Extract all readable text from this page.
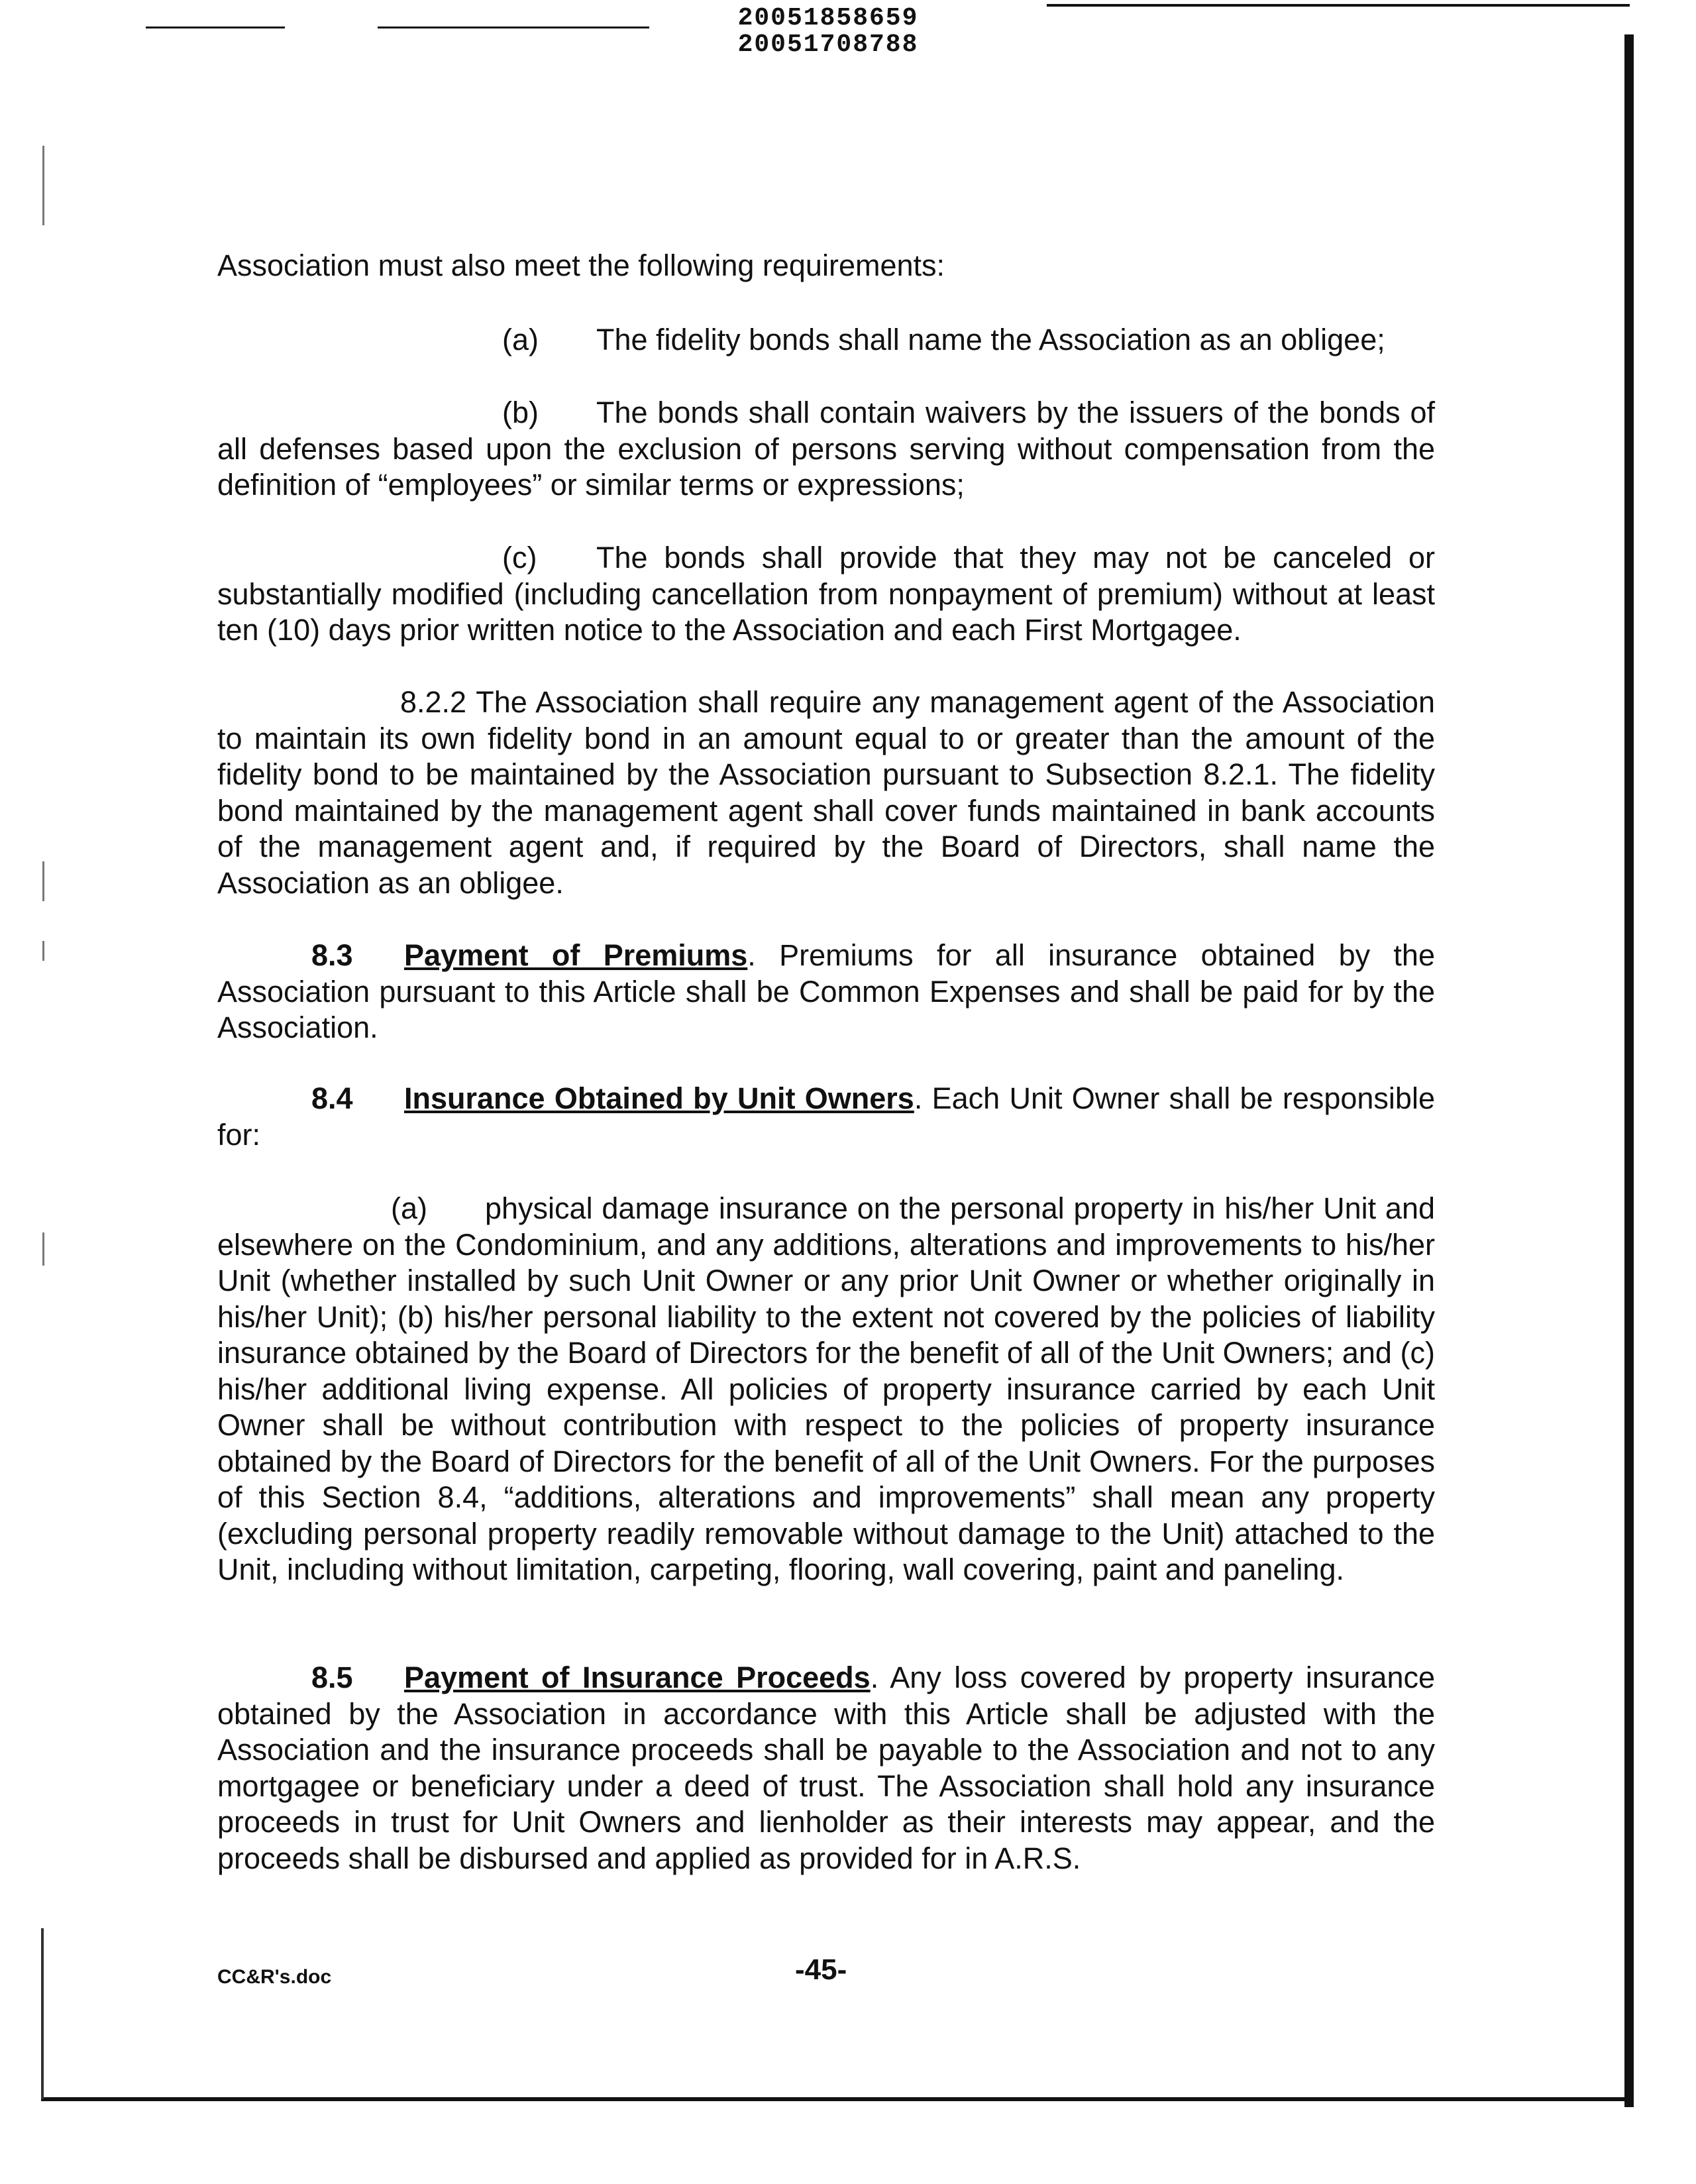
20051858659
20051708788

Association must also meet the following requirements:

(a) The fidelity bonds shall name the Association as an obligee;

(b) The bonds shall contain waivers by the issuers of the bonds of all defenses based upon the exclusion of persons serving without compensation from the definition of “employees” or similar terms or expressions;

(c) The bonds shall provide that they may not be canceled or substantially modified (including cancellation from nonpayment of premium) without at least ten (10) days prior written notice to the Association and each First Mortgagee.

8.2.2 The Association shall require any management agent of the Association to maintain its own fidelity bond in an amount equal to or greater than the amount of the fidelity bond to be maintained by the Association pursuant to Subsection 8.2.1. The fidelity bond maintained by the management agent shall cover funds maintained in bank accounts of the management agent and, if required by the Board of Directors, shall name the Association as an obligee.

8.3 Payment of Premiums. Premiums for all insurance obtained by the Association pursuant to this Article shall be Common Expenses and shall be paid for by the Association.

8.4 Insurance Obtained by Unit Owners. Each Unit Owner shall be responsible for:

(a) physical damage insurance on the personal property in his/her Unit and elsewhere on the Condominium, and any additions, alterations and improvements to his/her Unit (whether installed by such Unit Owner or any prior Unit Owner or whether originally in his/her Unit); (b) his/her personal liability to the extent not covered by the policies of liability insurance obtained by the Board of Directors for the benefit of all of the Unit Owners; and (c) his/her additional living expense. All policies of property insurance carried by each Unit Owner shall be without contribution with respect to the policies of property insurance obtained by the Board of Directors for the benefit of all of the Unit Owners. For the purposes of this Section 8.4, “additions, alterations and improvements” shall mean any property (excluding personal property readily removable without damage to the Unit) attached to the Unit, including without limitation, carpeting, flooring, wall covering, paint and paneling.

8.5 Payment of Insurance Proceeds. Any loss covered by property insurance obtained by the Association in accordance with this Article shall be adjusted with the Association and the insurance proceeds shall be payable to the Association and not to any mortgagee or beneficiary under a deed of trust. The Association shall hold any insurance proceeds in trust for Unit Owners and lienholder as their interests may appear, and the proceeds shall be disbursed and applied as provided for in A.R.S.

-45-
CC&R's.doc
